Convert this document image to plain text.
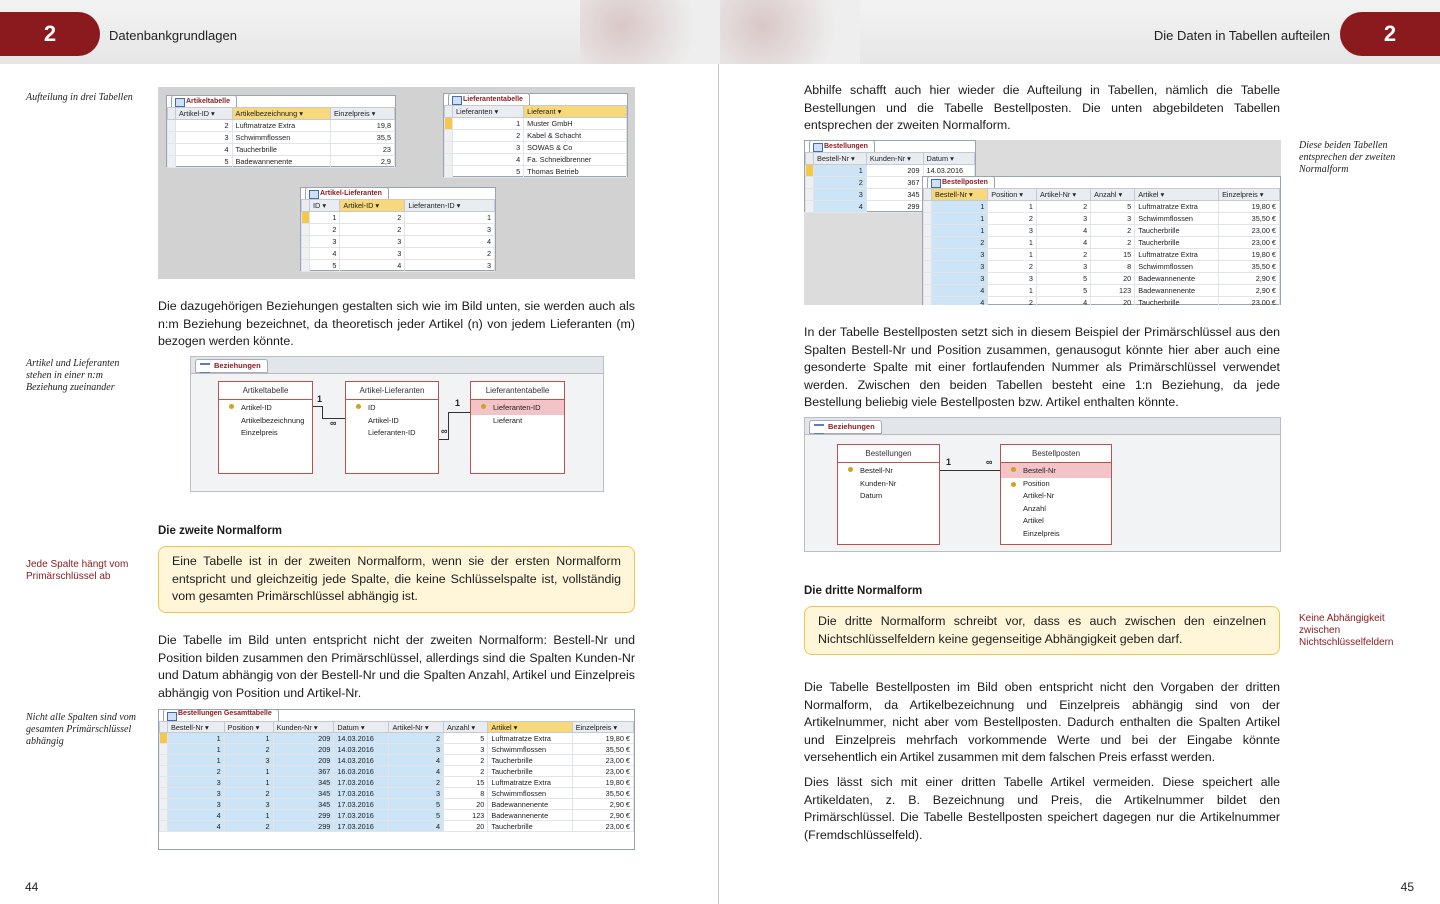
2	Datenbankgrundlagen
Aufteilung in drei Tabellen	Artikeltabelle
	Artikel-ID ▾	Artikelbezeichnung ▾	Einzelpreis ▾
	2	Luftmatratze Extra	19,8
	3	Schwimmflossen	35,5
	4	Taucherbrille	23
	5	Badewannenente	2,9
Lieferantentabelle
	Lieferanten ▾	Lieferant ▾
	1	Muster GmbH
	2	Kabel & Schacht
	3	SOWAS & Co
	4	Fa. Schneidbrenner
	5	Thomas Betrieb
Artikel-Lieferanten
	ID ▾	Artikel-ID ▾	Lieferanten-ID ▾
	1	2	1
	2	2	3
	3	3	4
	4	3	2
	5	4	3
Die dazugehörigen Beziehungen gestalten sich wie im Bild unten, sie werden auch als n:m Beziehung bezeichnet, da theoretisch jeder Artikel (n) von jedem Lieferanten (m) bezogen werden könnte.
Artikel und Lieferanten stehen in einer n:m Beziehung zueinander
Beziehungen
Artikeltabelle
Artikel-ID
Artikelbezeichnung
Einzelpreis
Artikel-Lieferanten
ID
Artikel-ID
Lieferanten-ID
Lieferantentabelle
Lieferanten-ID
Lieferant
1
∞
1
∞
Die zweite Normalform
Jede Spalte hängt vom Primärschlüssel ab
Eine Tabelle ist in der zweiten Normalform, wenn sie der ersten Normalform entspricht und gleichzeitig jede Spalte, die keine Schlüsselspalte ist, vollständig vom gesamten Primärschlüssel abhängig ist.
Die Tabelle im Bild unten entspricht nicht der zweiten Normalform: Bestell-Nr und Position bilden zusammen den Primärschlüssel, allerdings sind die Spalten Kunden-Nr und Datum abhängig von der Bestell-Nr und die Spalten Anzahl, Artikel und Einzelpreis abhängig von Position und Artikel-Nr.
Nicht alle Spalten sind vom gesamten Primärschlüssel abhängig
Bestellungen Gesamttabelle
	Bestell-Nr ▾	Position ▾	Kunden-Nr ▾	Datum ▾	Artikel-Nr ▾	Anzahl ▾	Artikel ▾	Einzelpreis ▾
	1	1	209	14.03.2016	2	5	Luftmatratze Extra	19,80 €
	1	2	209	14.03.2016	3	3	Schwimmflossen	35,50 €
	1	3	209	14.03.2016	4	2	Taucherbrille	23,00 €
	2	1	367	16.03.2016	4	2	Taucherbrille	23,00 €
	3	1	345	17.03.2016	2	15	Luftmatratze Extra	19,80 €
	3	2	345	17.03.2016	3	8	Schwimmflossen	35,50 €
	3	3	345	17.03.2016	5	20	Badewannenente	2,90 €
	4	1	299	17.03.2016	5	123	Badewannenente	2,90 €
	4	2	299	17.03.2016	4	20	Taucherbrille	23,00 €
44
Die Daten in Tabellen aufteilen	2
Abhilfe schafft auch hier wieder die Aufteilung in Tabellen, nämlich die Tabelle Bestellungen und die Tabelle Bestellposten. Die unten abgebildeten Tabellen entsprechen der zweiten Normalform.
Diese beiden Tabellen entsprechen der zweiten Normalform
Bestellungen
	Bestell-Nr ▾	Kunden-Nr ▾	Datum ▾
	1	209	14.03.2016
	2	367	
	3	345	
	4	299	
Bestellposten
	Bestell-Nr ▾	Position ▾	Artikel-Nr ▾	Anzahl ▾	Artikel ▾	Einzelpreis ▾
	1	1	2	5	Luftmatratze Extra	19,80 €
	1	2	3	3	Schwimmflossen	35,50 €
	1	3	4	2	Taucherbrille	23,00 €
	2	1	4	2	Taucherbrille	23,00 €
	3	1	2	15	Luftmatratze Extra	19,80 €
	3	2	3	8	Schwimmflossen	35,50 €
	3	3	5	20	Badewannenente	2,90 €
	4	1	5	123	Badewannenente	2,90 €
	4	2	4	20	Taucherbrille	23,00 €
In der Tabelle Bestellposten setzt sich in diesem Beispiel der Primärschlüssel aus den Spalten Bestell-Nr und Position zusammen, genausogut könnte hier aber auch eine gesonderte Spalte mit einer fortlaufenden Nummer als Primärschlüssel verwendet werden. Zwischen den beiden Tabellen besteht eine 1:n Beziehung, da jede Bestellung beliebig viele Bestellposten bzw. Artikel enthalten könnte.
Beziehungen
Bestellungen
Bestell-Nr
Kunden-Nr
Datum
Bestellposten
Bestell-Nr
Position
Artikel-Nr
Anzahl
Artikel
Einzelpreis
1	∞
Die dritte Normalform
Die dritte Normalform schreibt vor, dass es auch zwischen den einzelnen Nichtschlüsselfeldern keine gegenseitige Abhängigkeit geben darf.
Keine Abhängigkeit zwischen Nichtschlüsselfeldern
Die Tabelle Bestellposten im Bild oben entspricht nicht den Vorgaben der dritten Normalform, da Artikelbezeichnung und Einzelpreis abhängig sind von der Artikelnummer, nicht aber vom Bestellposten. Dadurch enthalten die Spalten Artikel und Einzelpreis mehrfach vorkommende Werte und bei der Eingabe könnte versehentlich ein Artikel zusammen mit dem falschen Preis erfasst werden.
Dies lässt sich mit einer dritten Tabelle Artikel vermeiden. Diese speichert alle Artikeldaten, z. B. Bezeichnung und Preis, die Artikelnummer bildet den Primärschlüssel. Die Tabelle Bestellposten speichert dagegen nur die Artikelnummer (Fremdschlüsselfeld).
45
